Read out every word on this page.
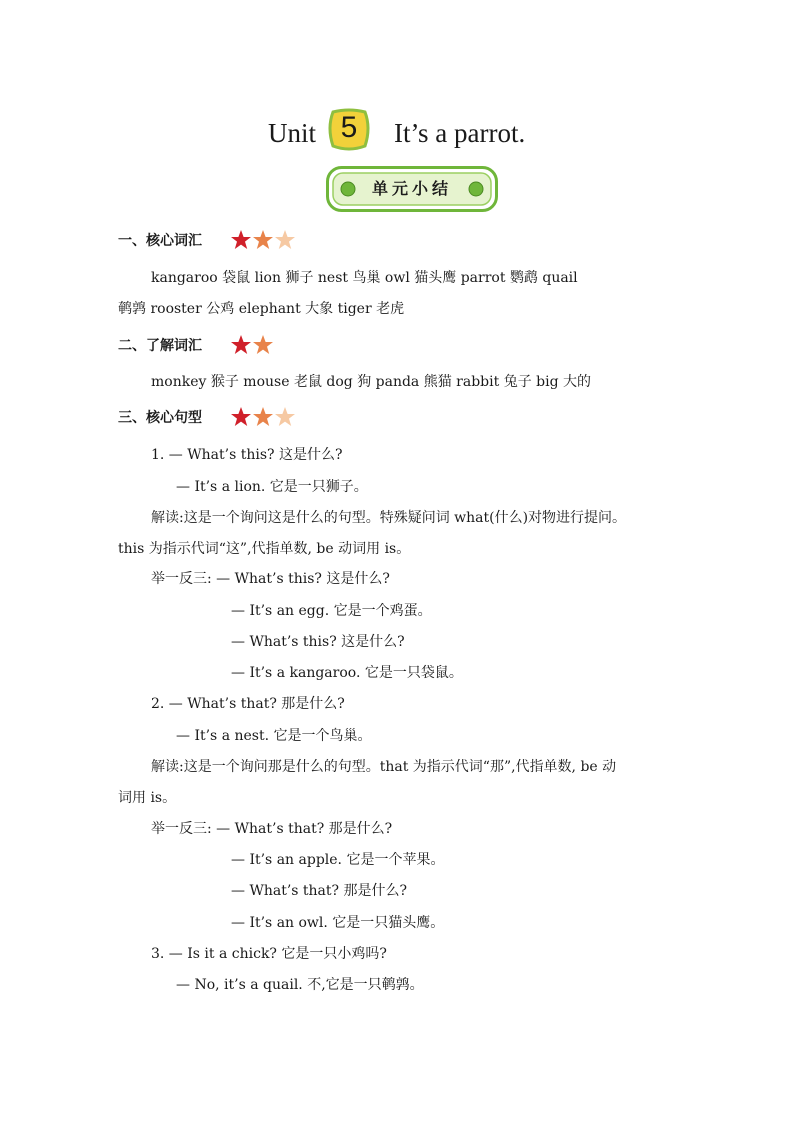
Unit 5	It’s a parrot.
单元小结
一、核心词汇
kangaroo 袋鼠 lion 狮子 nest 鸟巢 owl 猫头鹰 parrot 鹦鹉 quail
鹌鹑 rooster 公鸡 elephant 大象 tiger 老虎
二、了解词汇
monkey 猴子 mouse 老鼠 dog 狗 panda 熊猫 rabbit 兔子 big 大的
三、核心句型
1. — What’s this? 这是什么?
— It’s a lion. 它是一只狮子。
解读:这是一个询问这是什么的句型。特殊疑问词 what(什么)对物进行提问。
this 为指示代词“这”,代指单数, be 动词用 is。
举一反三: — What’s this? 这是什么?
— It’s an egg. 它是一个鸡蛋。
— What’s this? 这是什么?
— It’s a kangaroo. 它是一只袋鼠。
2. — What’s that? 那是什么?
— It’s a nest. 它是一个鸟巢。
解读:这是一个询问那是什么的句型。that 为指示代词“那”,代指单数, be 动
词用 is。
举一反三: — What’s that? 那是什么?
— It’s an apple. 它是一个苹果。
— What’s that? 那是什么?
— It’s an owl. 它是一只猫头鹰。
3. — Is it a chick? 它是一只小鸡吗?
— No, it’s a quail. 不,它是一只鹌鹑。
